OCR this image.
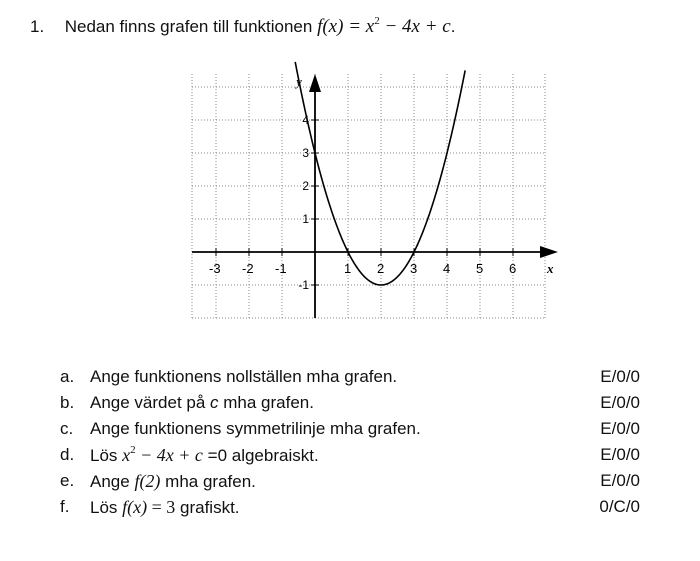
1. Nedan finns grafen till funktionen $f(x) = x^2 - 4x + c$.
x
y
-3 -2 -1	1 2 3 4 5 6
4
3
2
1
-1
a. Ange funktionens nollställen mha grafen.	E/0/0
b. Ange värdet på c mha grafen.	E/0/0
c. Ange funktionens symmetrilinje mha grafen.	E/0/0
d. Lös $x^2 - 4x + c =0$ algebraiskt.	E/0/0
e. Ange f(2) mha grafen.	E/0/0
f. Lös f(x) = 3 grafiskt.	0/C/0
